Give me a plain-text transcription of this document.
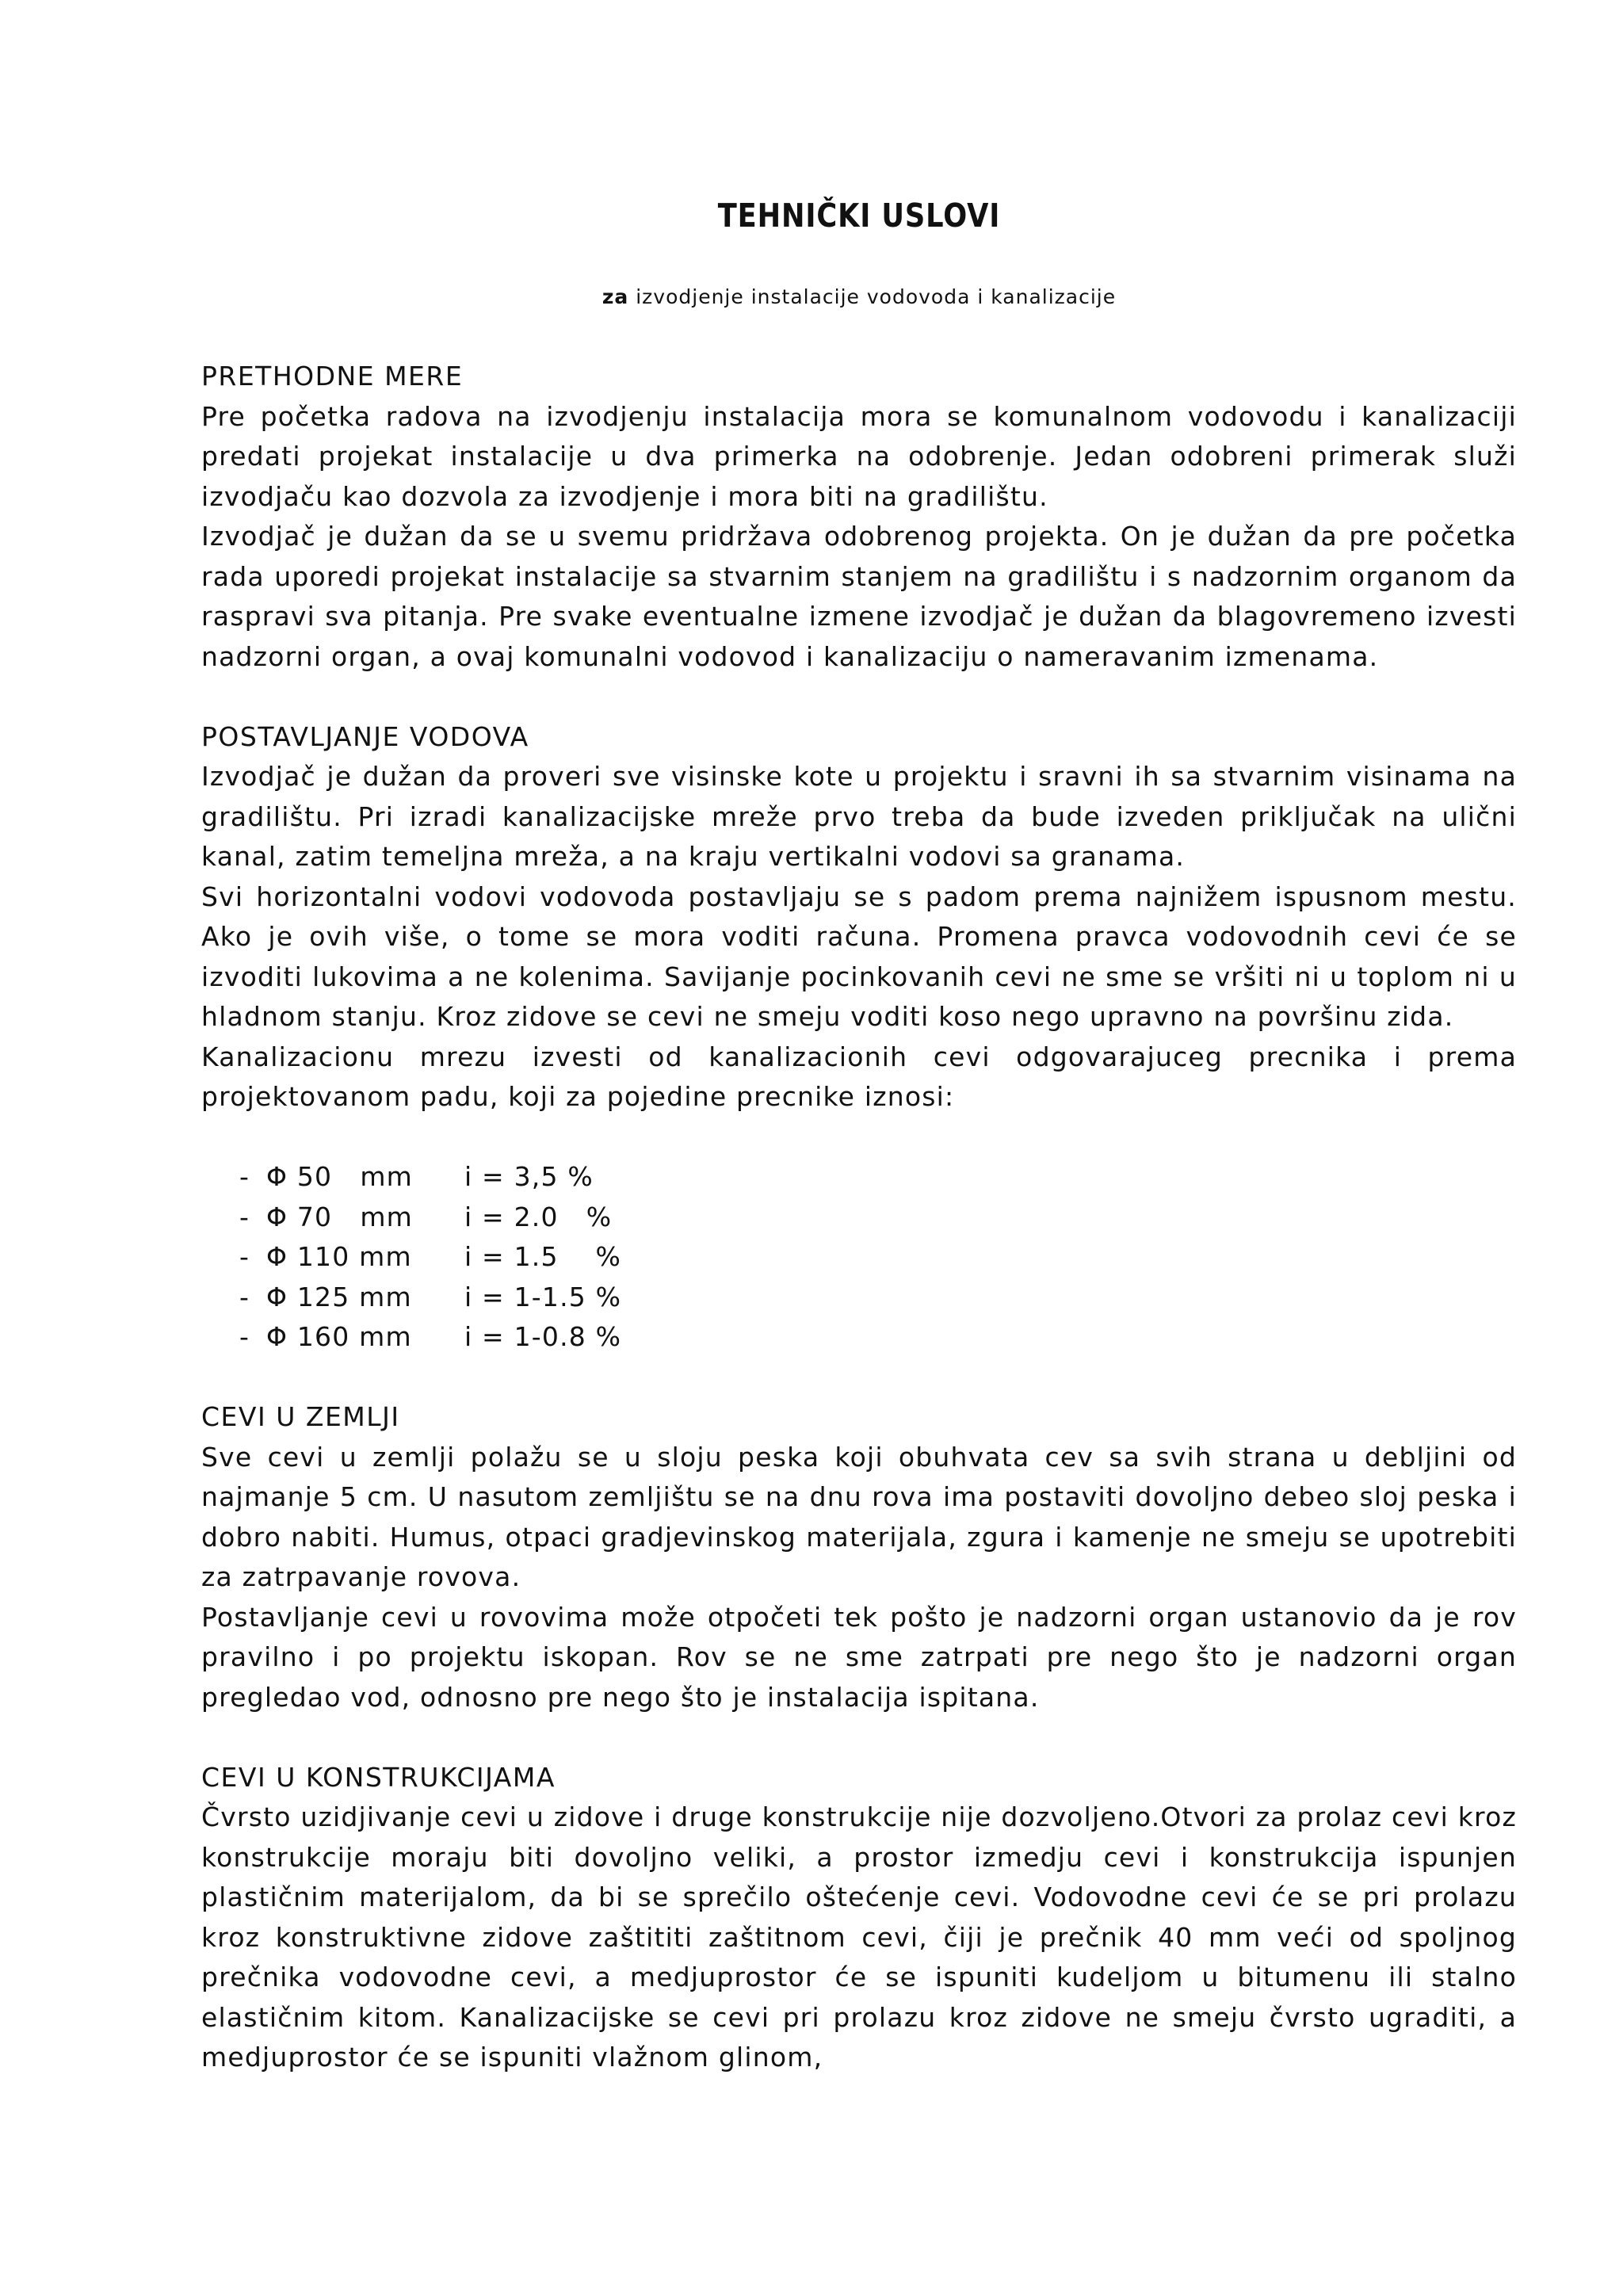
TEHNIČKI USLOVI
za izvodjenje instalacije vodovoda i kanalizacije

PRETHODNE MERE

Pre početka radova na izvodjenju instalacija mora se komunalnom vodovodu i kanalizaciji predati projekat instalacije u dva primerka na odobrenje. Jedan odobreni primerak služi izvodjaču kao dozvola za izvodjenje i mora biti na gradilištu.

Izvodjač je dužan da se u svemu pridržava odobrenog projekta. On je dužan da pre početka rada uporedi projekat instalacije sa stvarnim stanjem na gradilištu i s nadzornim organom da raspravi sva pitanja. Pre svake eventualne izmene izvodjač je dužan da blagovremeno izvesti nadzorni organ, a ovaj komunalni vodovod i kanalizaciju o nameravanim izmenama.

POSTAVLJANJE VODOVA

Izvodjač je dužan da proveri sve visinske kote u projektu i sravni ih sa stvarnim visinama na gradilištu. Pri izradi kanalizacijske mreže prvo treba da bude izveden priključak na ulični kanal, zatim temeljna mreža, a na kraju vertikalni vodovi sa granama.

Svi horizontalni vodovi vodovoda postavljaju se s padom prema najnižem ispusnom mestu. Ako je ovih više, o tome se mora voditi računa. Promena pravca vodovodnih cevi će se izvoditi lukovima a ne kolenima. Savijanje pocinkovanih cevi ne sme se vršiti ni u toplom ni u hladnom stanju. Kroz zidove se cevi ne smeju voditi koso nego upravno na površinu zida.

Kanalizacionu mrezu izvesti od kanalizacionih cevi odgovarajuceg precnika i prema projektovanom padu, koji za pojedine precnike iznosi:

- Φ 50   mm	i = 3,5 %
- Φ 70   mm	i = 2.0   %
- Φ 110 mm	i = 1.5    %
- Φ 125 mm	i = 1-1.5 %
- Φ 160 mm	i = 1-0.8 %

CEVI U ZEMLJI

Sve cevi u zemlji polažu se u sloju peska koji obuhvata cev sa svih strana u debljini od najmanje 5 cm. U nasutom zemljištu se na dnu rova ima postaviti dovoljno debeo sloj peska i dobro nabiti. Humus, otpaci gradjevinskog materijala, zgura i kamenje ne smeju se upotrebiti za zatrpavanje rovova.

Postavljanje cevi u rovovima može otpočeti tek pošto je nadzorni organ ustanovio da je rov pravilno i po projektu iskopan. Rov se ne sme zatrpati pre nego što je nadzorni organ pregledao vod, odnosno pre nego što je instalacija ispitana.

CEVI U KONSTRUKCIJAMA

Čvrsto uzidjivanje cevi u zidove i druge konstrukcije nije dozvoljeno.Otvori za prolaz cevi kroz konstrukcije moraju biti dovoljno veliki, a prostor izmedju cevi i konstrukcija ispunjen plastičnim materijalom, da bi se sprečilo oštećenje cevi. Vodovodne cevi će se pri prolazu kroz konstruktivne zidove zaštititi zaštitnom cevi, čiji je prečnik 40 mm veći od spoljnog prečnika vodovodne cevi, a medjuprostor će se ispuniti kudeljom u bitumenu ili stalno elastičnim kitom. Kanalizacijske se cevi pri prolazu kroz zidove ne smeju čvrsto ugraditi, a medjuprostor će se ispuniti vlažnom glinom,
